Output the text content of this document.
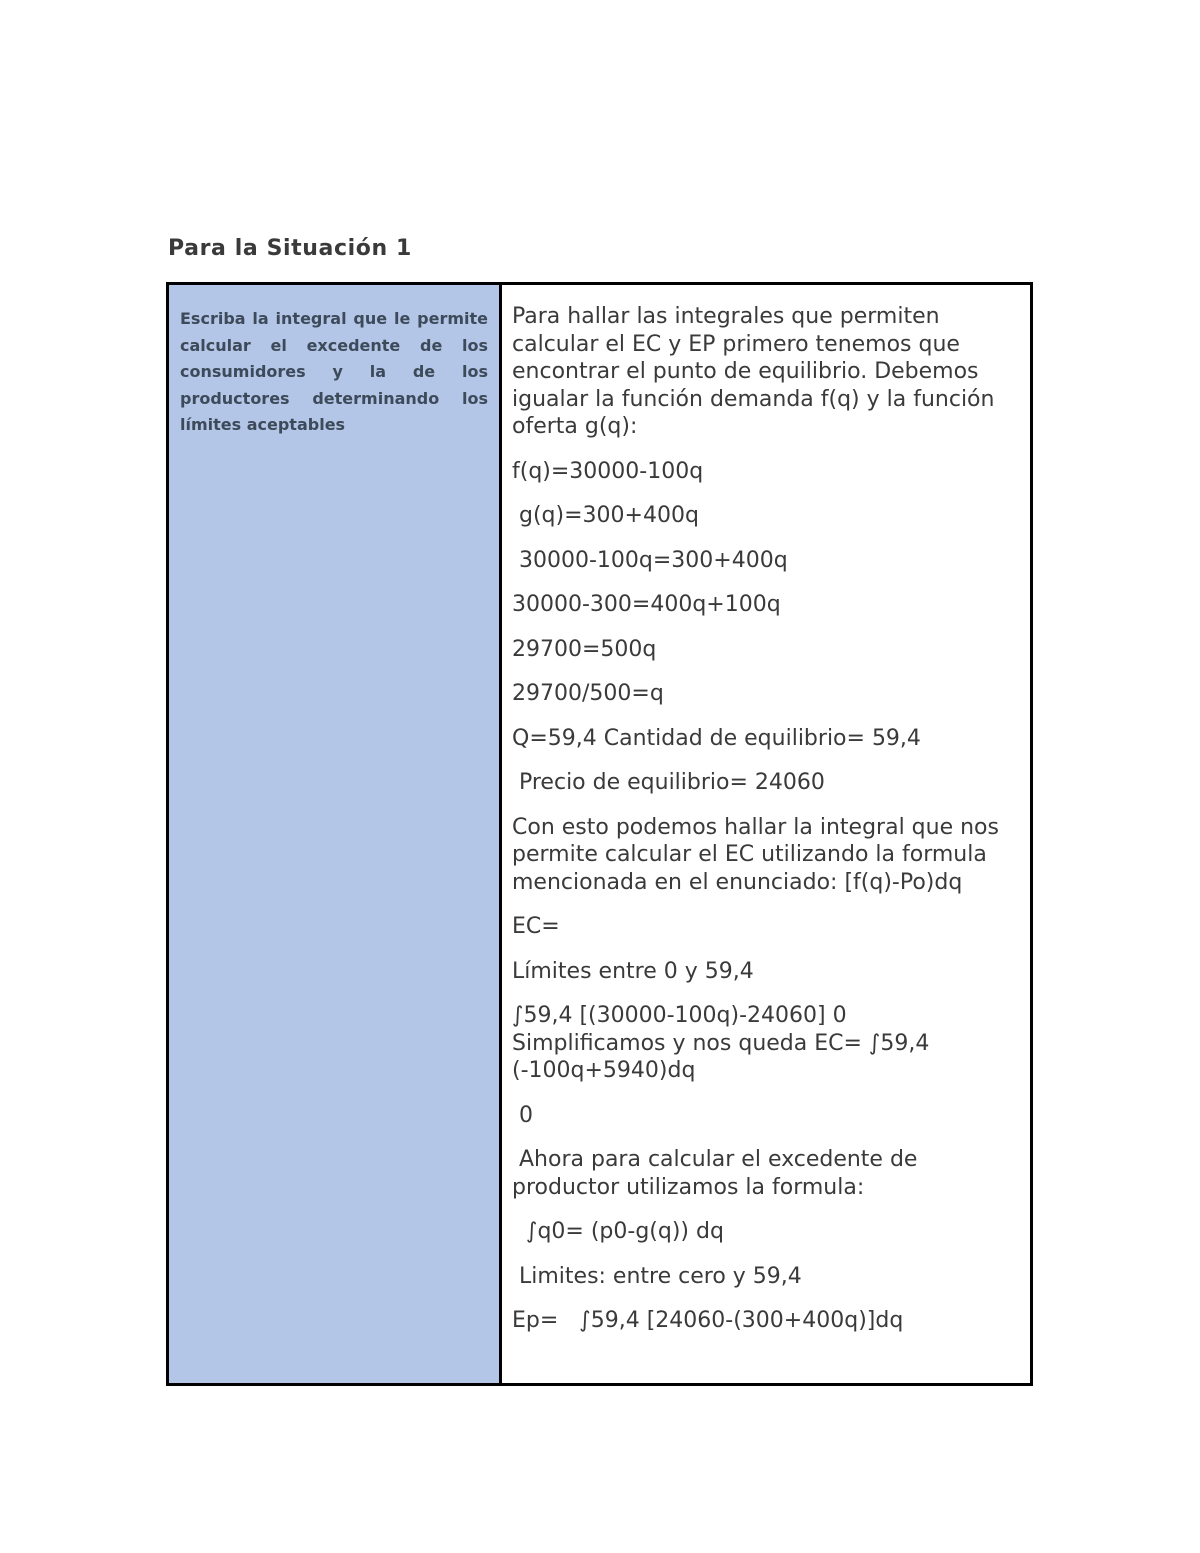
Para la Situación 1

Escriba la integral que le permite calcular el excedente de los consumidores y la de los productores determinando los límites aceptables

Para hallar las integrales que permiten calcular el EC y EP primero tenemos que encontrar el punto de equilibrio. Debemos igualar la función demanda f(q) y la función oferta g(q):

f(q)=30000-100q

g(q)=300+400q

30000-100q=300+400q

30000-300=400q+100q

29700=500q

29700/500=q

Q=59,4 Cantidad de equilibrio= 59,4

Precio de equilibrio= 24060

Con esto podemos hallar la integral que nos permite calcular el EC utilizando la formula mencionada en el enunciado: [f(q)-Po)dq

EC=

Límites entre 0 y 59,4

∫59,4 [(30000-100q)-24060] 0

Simplificamos y nos queda EC= ∫59,4 (-100q+5940)dq

0

Ahora para calcular el excedente de productor utilizamos la formula:

∫q0= (p0-g(q)) dq

Limites: entre cero y 59,4

Ep=   ∫59,4 [24060-(300+400q)]dq
